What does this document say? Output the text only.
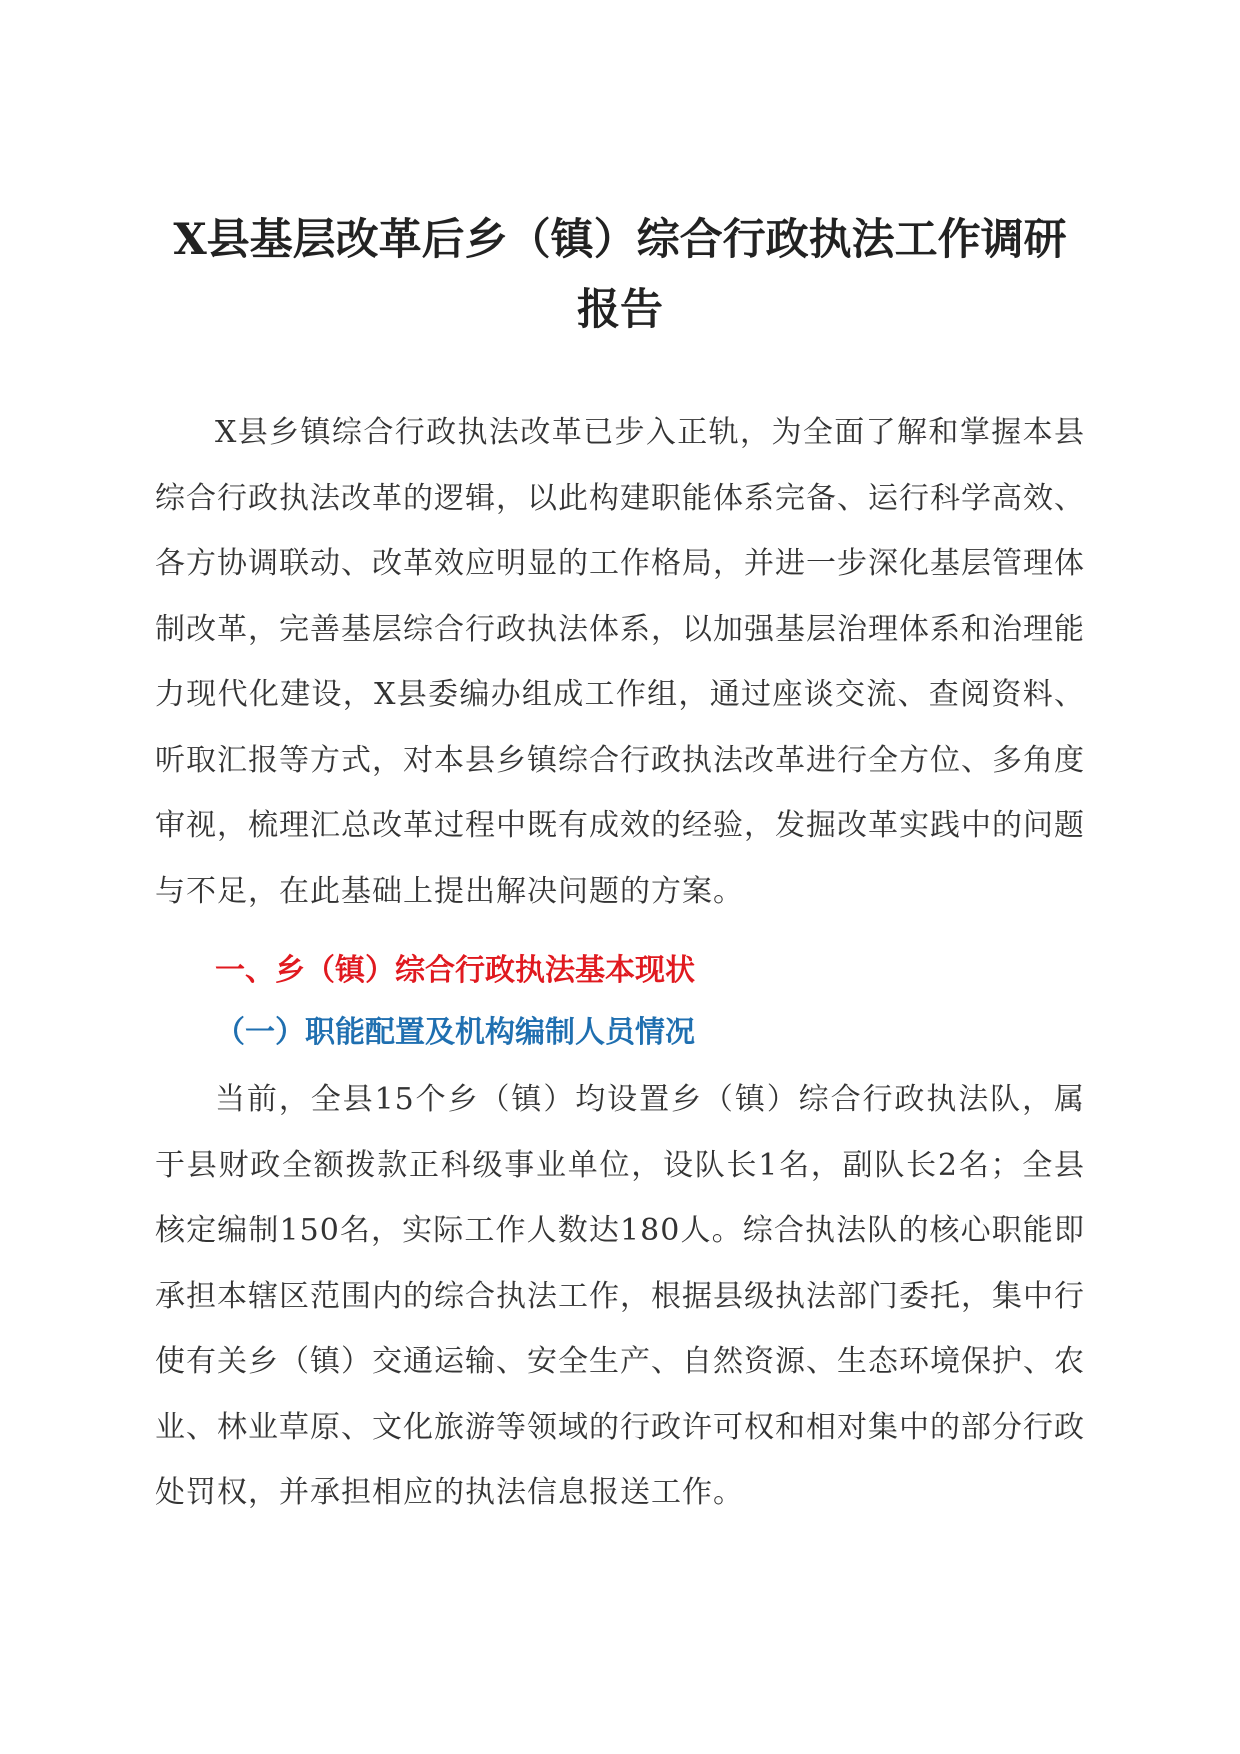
X县基层改革后乡（镇）综合行政执法工作调研报告

X县乡镇综合行政执法改革已步入正轨，为全面了解和掌握本县综合行政执法改革的逻辑，以此构建职能体系完备、运行科学高效、各方协调联动、改革效应明显的工作格局，并进一步深化基层管理体制改革，完善基层综合行政执法体系，以加强基层治理体系和治理能力现代化建设，X县委编办组成工作组，通过座谈交流、查阅资料、听取汇报等方式，对本县乡镇综合行政执法改革进行全方位、多角度审视，梳理汇总改革过程中既有成效的经验，发掘改革实践中的问题与不足，在此基础上提出解决问题的方案。

一、乡（镇）综合行政执法基本现状
（一）职能配置及机构编制人员情况

当前，全县15个乡（镇）均设置乡（镇）综合行政执法队，属于县财政全额拨款正科级事业单位，设队长1名，副队长2名；全县核定编制150名，实际工作人数达180人。综合执法队的核心职能即承担本辖区范围内的综合执法工作，根据县级执法部门委托，集中行使有关乡（镇）交通运输、安全生产、自然资源、生态环境保护、农业、林业草原、文化旅游等领域的行政许可权和相对集中的部分行政处罚权，并承担相应的执法信息报送工作。
